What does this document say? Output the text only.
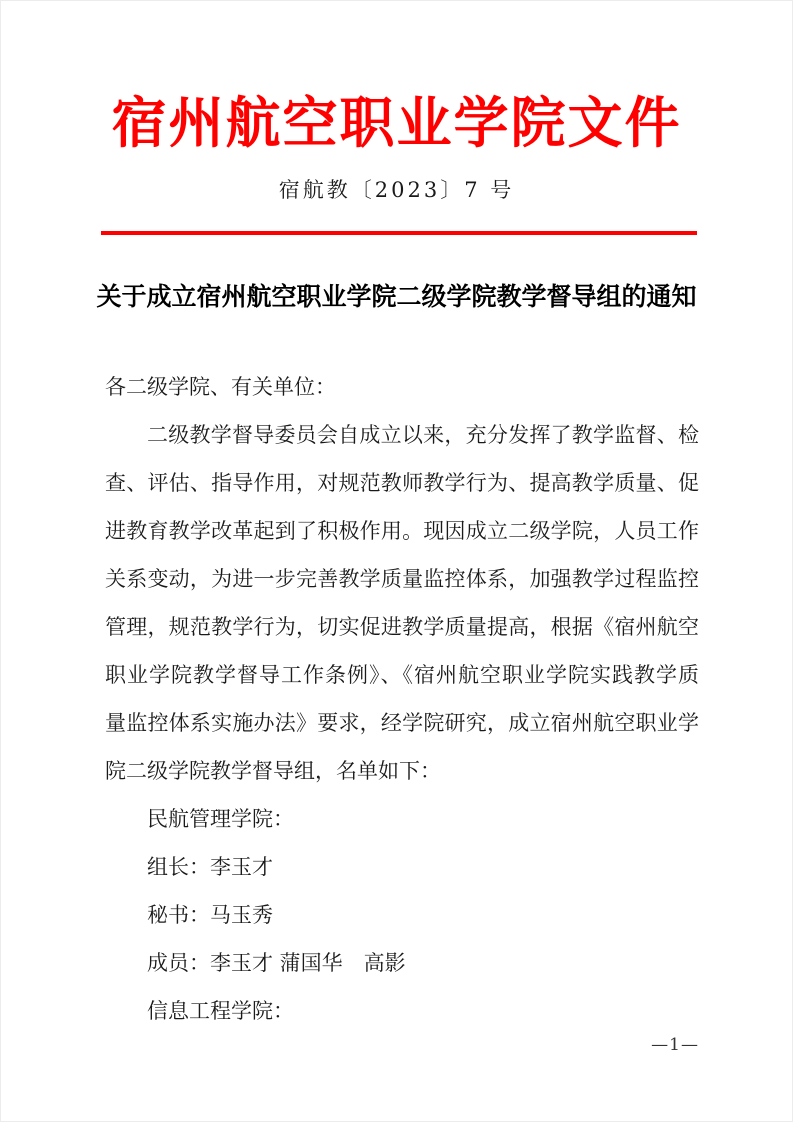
宿州航空职业学院文件
宿航教〔2023〕7 号
关于成立宿州航空职业学院二级学院教学督导组的通知
各二级学院、有关单位：
二级教学督导委员会自成立以来，充分发挥了教学监督、检
查、评估、指导作用，对规范教师教学行为、提高教学质量、促
进教育教学改革起到了积极作用。现因成立二级学院，人员工作
关系变动，为进一步完善教学质量监控体系，加强教学过程监控
管理，规范教学行为，切实促进教学质量提高，根据《宿州航空
职业学院教学督导工作条例》、《宿州航空职业学院实践教学质
量监控体系实施办法》要求，经学院研究，成立宿州航空职业学
院二级学院教学督导组，名单如下：
民航管理学院：
组长：李玉才
秘书：马玉秀
成员：李玉才 蒲国华　高影
信息工程学院：
—1—
